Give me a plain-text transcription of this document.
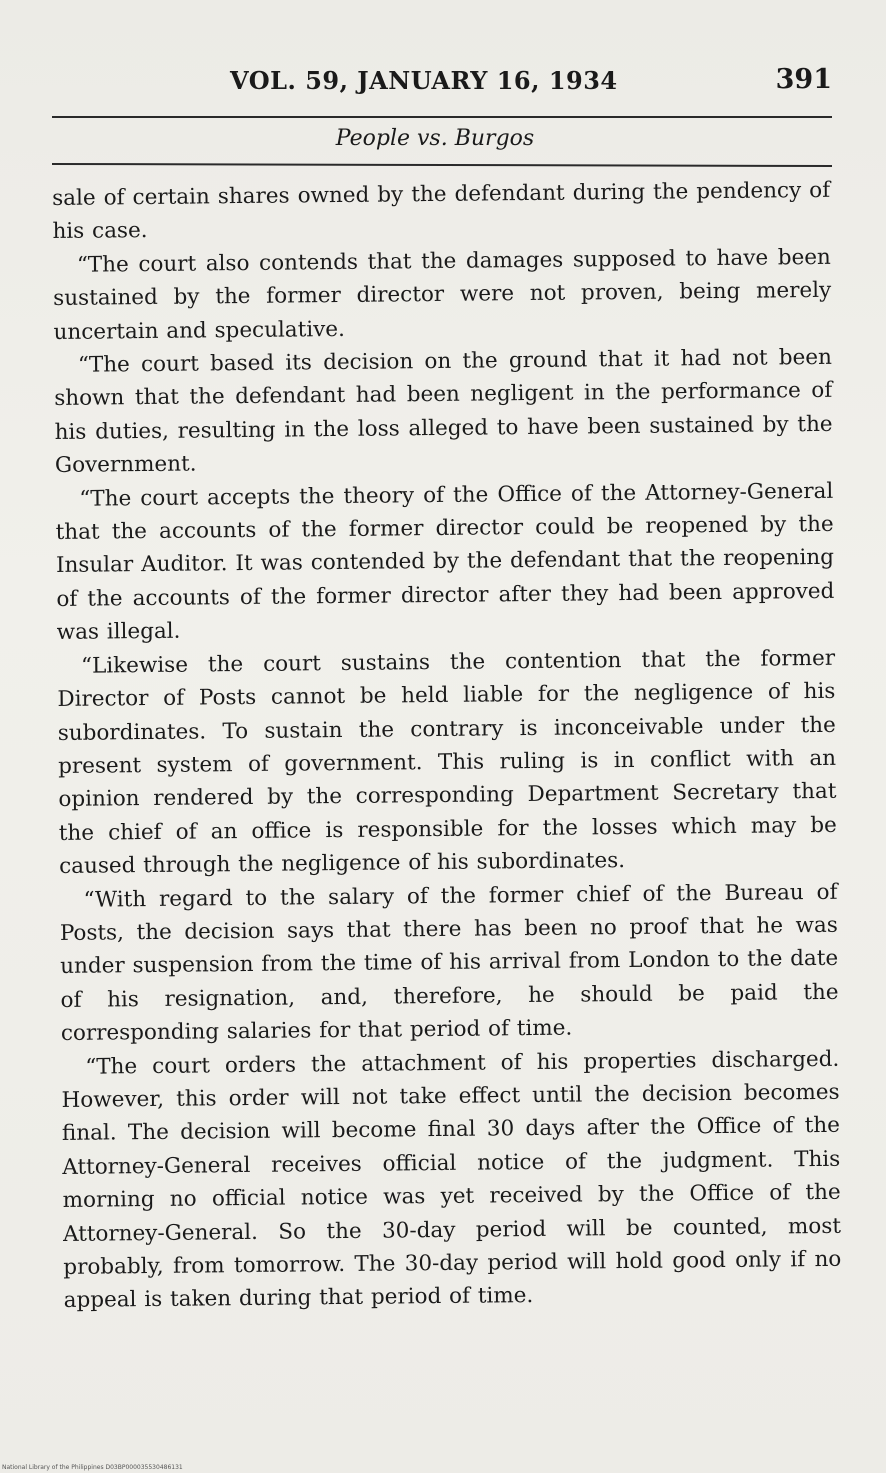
VOL. 59, JANUARY 16, 1934	391
People vs. Burgos

sale of certain shares owned by the defendant during the pendency of his case.

“The court also contends that the damages supposed to have been sustained by the former director were not proven, being merely uncertain and speculative.

“The court based its decision on the ground that it had not been shown that the defendant had been negligent in the performance of his duties, resulting in the loss alleged to have been sustained by the Government.

“The court accepts the theory of the Office of the Attorney-General that the accounts of the former director could be reopened by the Insular Auditor. It was contended by the defendant that the reopening of the accounts of the former director after they had been approved was illegal.

“Likewise the court sustains the contention that the former Director of Posts cannot be held liable for the negligence of his subordinates. To sustain the contrary is inconceivable under the present system of government. This ruling is in conflict with an opinion rendered by the corresponding Department Secretary that the chief of an office is responsible for the losses which may be caused through the negligence of his subordinates.

“With regard to the salary of the former chief of the Bureau of Posts, the decision says that there has been no proof that he was under suspension from the time of his arrival from London to the date of his resignation, and, therefore, he should be paid the corresponding salaries for that period of time.

“The court orders the attachment of his properties discharged. However, this order will not take effect until the decision becomes final. The decision will become final 30 days after the Office of the Attorney-General receives official notice of the judgment. This morning no official notice was yet received by the Office of the Attorney-General. So the 30-day period will be counted, most probably, from tomorrow. The 30-day period will hold good only if no appeal is taken during that period of time.

National Library of the Philippines D03BP000035530486131
